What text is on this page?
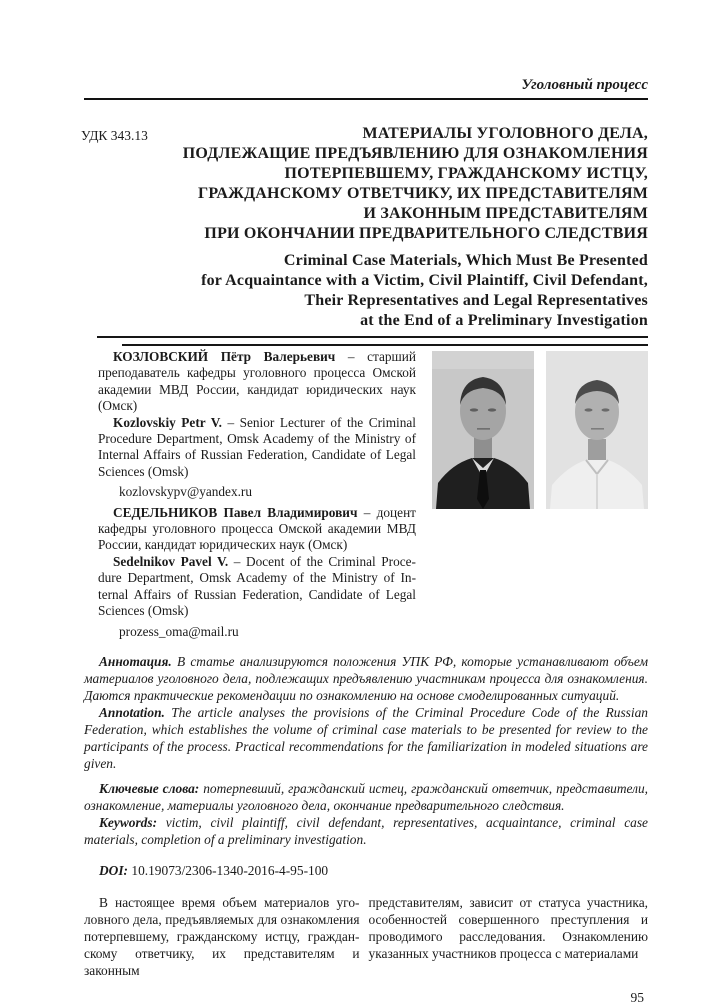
Уголовный процесс
УДК 343.13	МАТЕРИАЛЫ УГОЛОВНОГО ДЕЛА,
ПОДЛЕЖАЩИЕ ПРЕДЪЯВЛЕНИЮ ДЛЯ ОЗНАКОМЛЕНИЯ
ПОТЕРПЕВШЕМУ, ГРАЖДАНСКОМУ ИСТЦУ,
ГРАЖДАНСКОМУ ОТВЕТЧИКУ, ИХ ПРЕДСТАВИТЕЛЯМ
И ЗАКОННЫМ ПРЕДСТАВИТЕЛЯМ
ПРИ ОКОНЧАНИИ ПРЕДВАРИТЕЛЬНОГО СЛЕДСТВИЯ
Criminal Case Materials, Which Must Be Presented
for Acquaintance with a Victim, Civil Plaintiff, Civil Defendant,
Their Representatives and Legal Representatives
at the End of a Preliminary Investigation

КОЗЛОВСКИЙ Пётр Валерьевич – старший преподаватель кафедры уголовного процесса Омской академии МВД России, кандидат юридических наук (Омск)

Kozlovskiy Petr V. – Senior Lecturer of the Criminal Procedure Department, Omsk Academy of the Ministry of Internal Affairs of Russian Federation, Candidate of Legal Sciences (Omsk)

kozlovskypv@yandex.ru

СЕДЕЛЬНИКОВ Павел Владимирович – доцент кафедры уголовного процесса Омской академии МВД России, кандидат юридических наук (Омск)

Sedelnikov Pavel V. – Docent of the Criminal Procedure Department, Omsk Academy of the Ministry of Internal Affairs of Russian Federation, Candidate of Legal Sciences (Omsk)

prozess_oma@mail.ru

Аннотация. В статье анализируются положения УПК РФ, которые устанавливают объем материалов уголовного дела, подлежащих предъявлению участникам процесса для ознакомления. Даются практические рекомендации по ознакомлению на основе смоделированных ситуаций.

Annotation. The article analyses the provisions of the Criminal Procedure Code of the Russian Federation, which establishes the volume of criminal case materials to be presented for review to the participants of the process. Practical recommendations for the familiarization in modeled situations are given.

Ключевые слова: потерпевший, гражданский истец, гражданский ответчик, представители, ознакомление, материалы уголовного дела, окончание предварительного следствия.

Keywords: victim, civil plaintiff, civil defendant, representatives, acquaintance, criminal case materials, completion of a preliminary investigation.

DOI: 10.19073/2306-1340-2016-4-95-100

В настоящее время объем материалов уголовного дела, предъявляемых для ознакомления потерпевшему, гражданскому истцу, гражданскому ответчику, их представителям и законным

представителям, зависит от статуса участника, особенностей совершенного преступления и проводимого расследования. Ознакомлению указанных участников процесса с материалами

95
